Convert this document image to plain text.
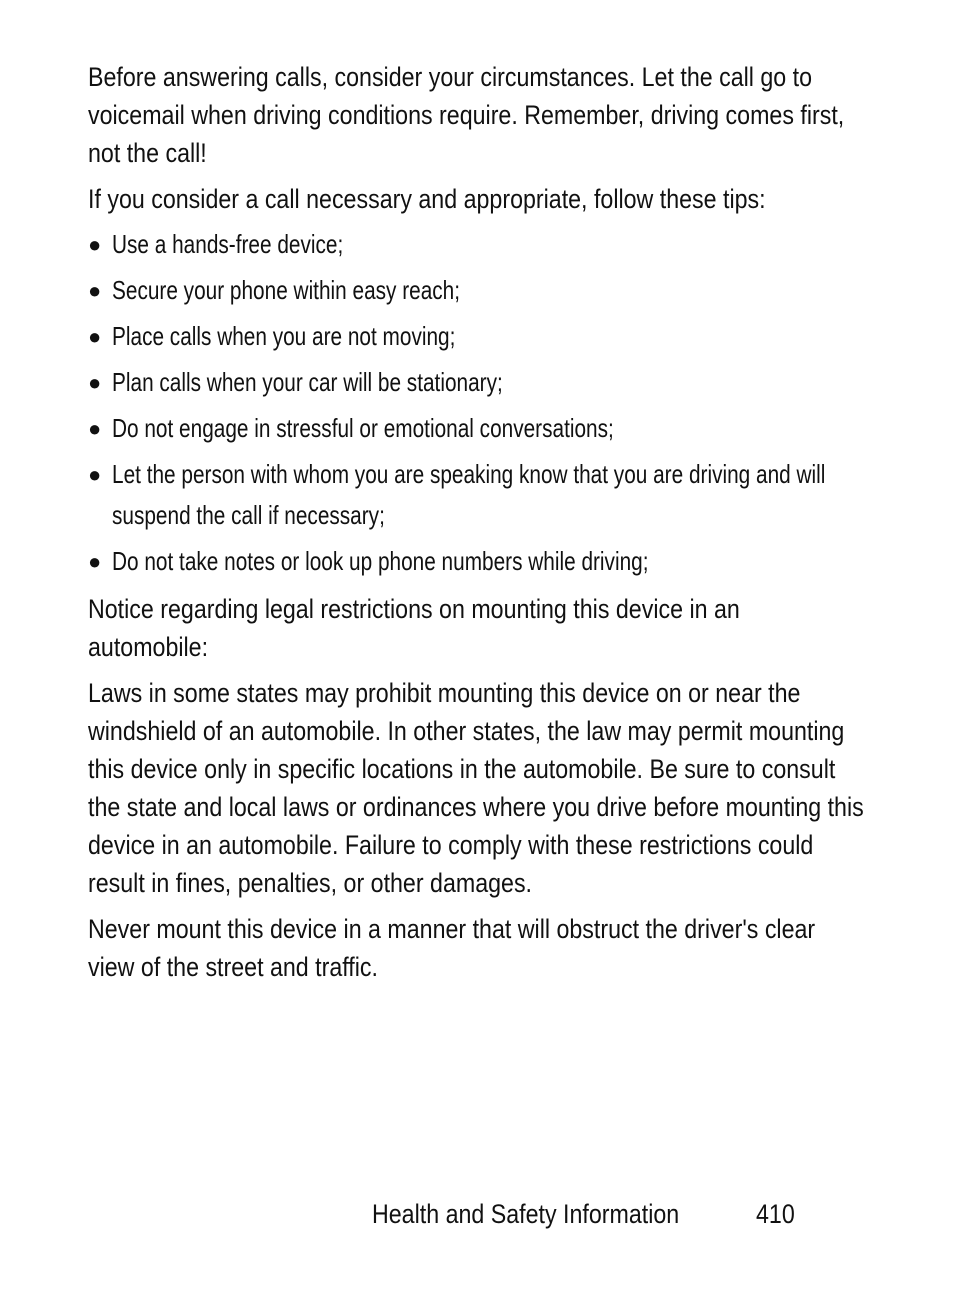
Before answering calls, consider your circumstances. Let the call go to voicemail when driving conditions require. Remember, driving comes first, not the call!

If you consider a call necessary and appropriate, follow these tips:

● Use a hands-free device;
● Secure your phone within easy reach;
● Place calls when you are not moving;
● Plan calls when your car will be stationary;
● Do not engage in stressful or emotional conversations;
● Let the person with whom you are speaking know that you are driving and will suspend the call if necessary;
● Do not take notes or look up phone numbers while driving;

Notice regarding legal restrictions on mounting this device in an automobile:

Laws in some states may prohibit mounting this device on or near the windshield of an automobile. In other states, the law may permit mounting this device only in specific locations in the automobile. Be sure to consult the state and local laws or ordinances where you drive before mounting this device in an automobile. Failure to comply with these restrictions could result in fines, penalties, or other damages.

Never mount this device in a manner that will obstruct the driver's clear view of the street and traffic.

Health and Safety Information	410
